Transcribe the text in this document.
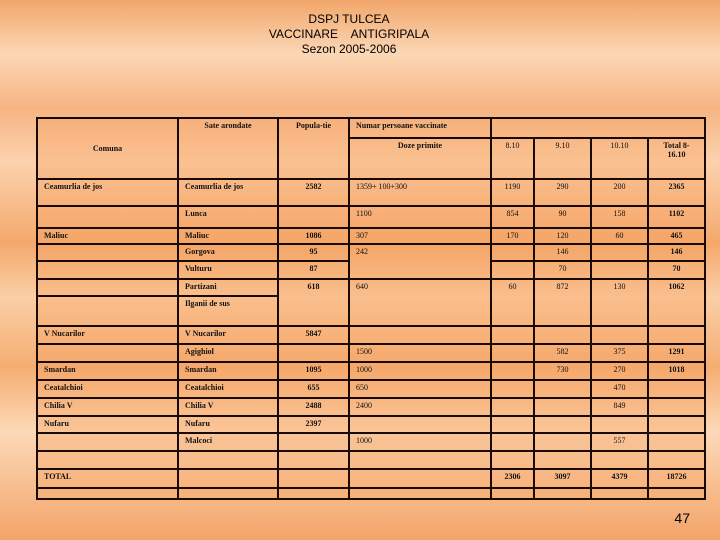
DSPJ TULCEA
VACCINARE    ANTIGRIPALA
Sezon 2005-2006
Comuna	Sate arondate	Popula-tie	Numar persoane vaccinate				
			Doze primite	8.10	9.10	10.10	Total 8-16.10
Ceamurlia de jos	Ceamurlia de jos	2582	1359+ 100+300	1190	290	200	2365
	Lunca		1100	854	90	158	1102
Maliuc	Maliuc	1086	307	170	120	60	465
	Gorgova	95	242		146		146
	Vulturu	87			70		70
	Partizani	618	640	60	872	130	1062
	Ilganii de sus						
V Nucarilor	V Nucarilor	5847					
	Agighiol		1500		582	375	1291
Smardan	Smardan	1095	1000		730	270	1018
Ceatalchioi	Ceatalchioi	655	650			470	
Chilia V	Chilia V	2488	2400			849	
Nufaru	Nufaru	2397					
	Malcoci		1000			557	

TOTAL				2306	3097	4379	18726

47
